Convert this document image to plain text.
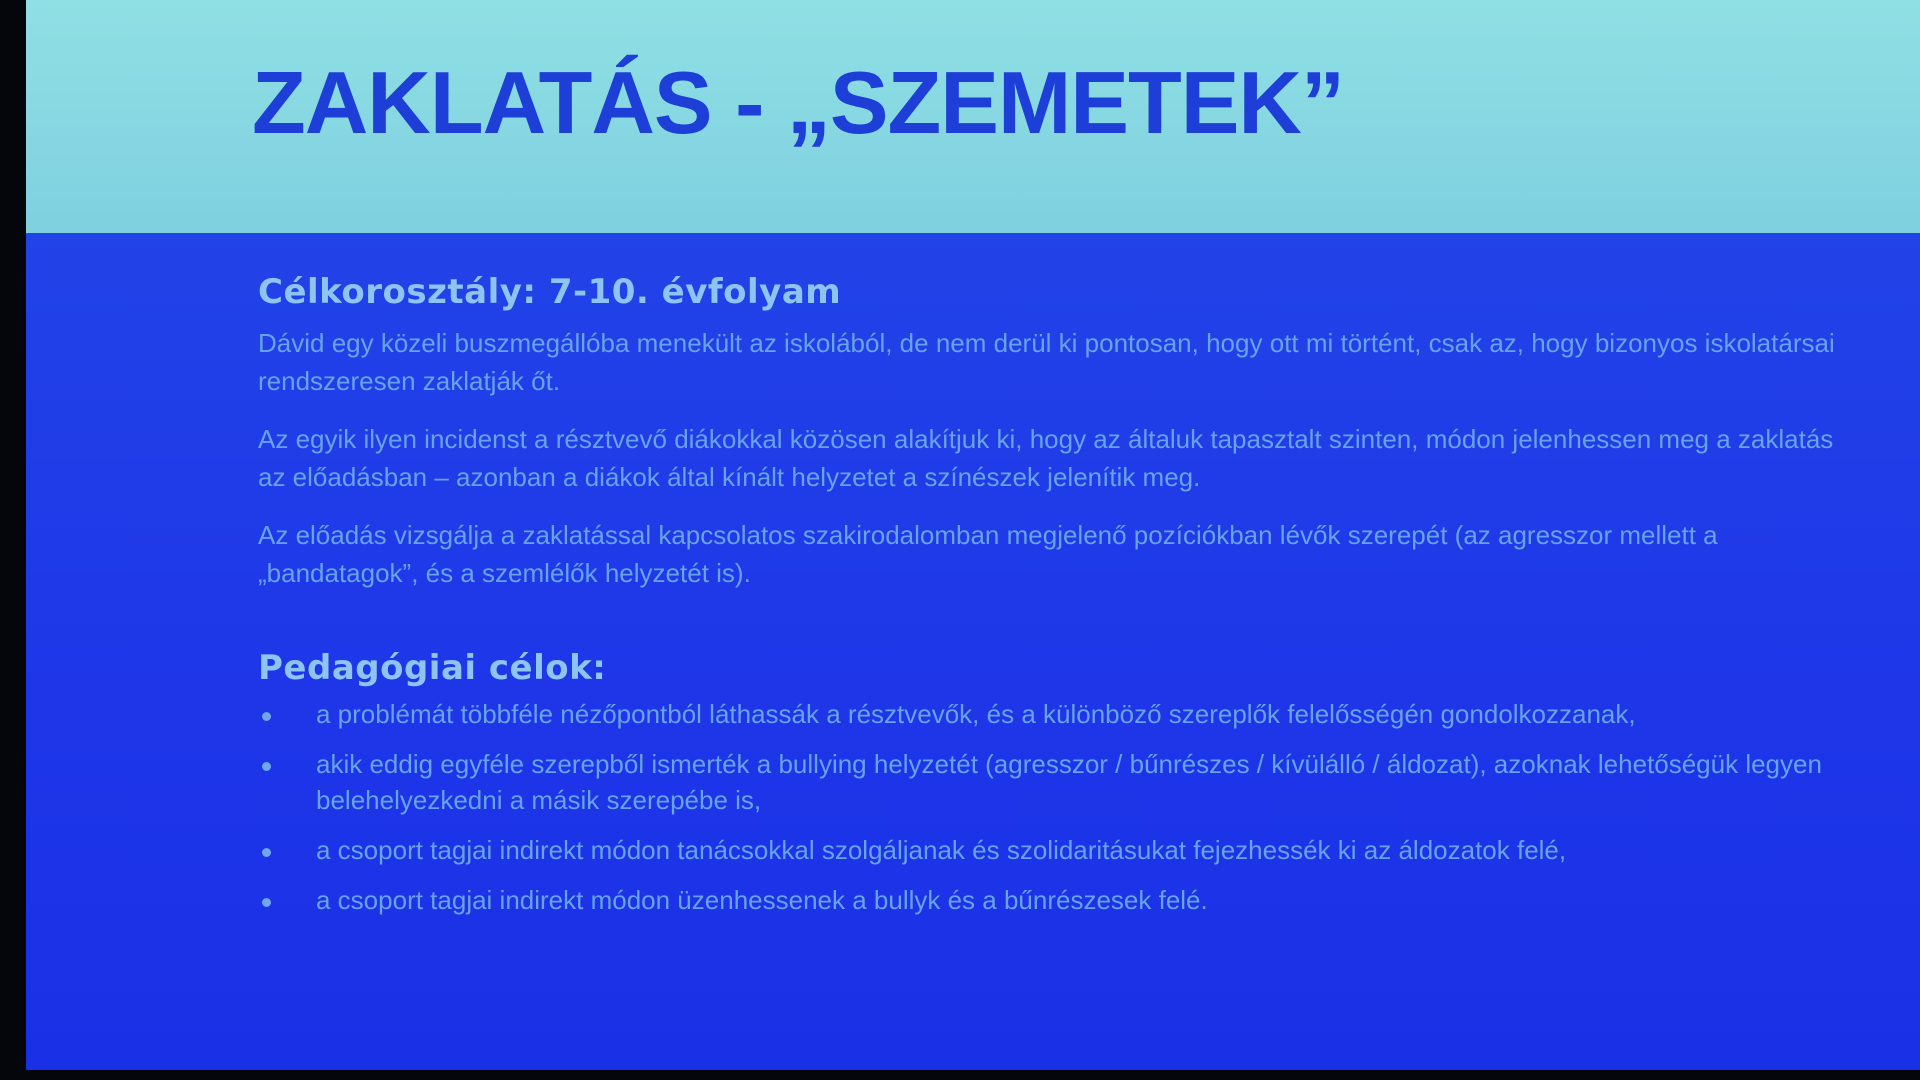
ZAKLATÁS - „SZEMETEK”
Célkorosztály: 7-10. évfolyam

Dávid egy közeli buszmegállóba menekült az iskolából, de nem derül ki pontosan, hogy ott mi történt, csak az, hogy bizonyos iskolatársai rendszeresen zaklatják őt.

Az egyik ilyen incidenst a résztvevő diákokkal közösen alakítjuk ki, hogy az általuk tapasztalt szinten, módon jelenhessen meg a zaklatás az előadásban – azonban a diákok által kínált helyzetet a színészek jelenítik meg.

Az előadás vizsgálja a zaklatással kapcsolatos szakirodalomban megjelenő pozíciókban lévők szerepét (az agresszor mellett a „bandatagok”, és a szemlélők helyzetét is).

Pedagógiai célok:
a problémát többféle nézőpontból láthassák a résztvevők, és a különböző szereplők felelősségén gondolkozzanak,
akik eddig egyféle szerepből ismerték a bullying helyzetét (agresszor / bűnrészes / kívülálló / áldozat), azoknak lehetőségük legyen belehelyezkedni a másik szerepébe is,
a csoport tagjai indirekt módon tanácsokkal szolgáljanak és szolidaritásukat fejezhessék ki az áldozatok felé,
a csoport tagjai indirekt módon üzenhessenek a bullyk és a bűnrészesek felé.
